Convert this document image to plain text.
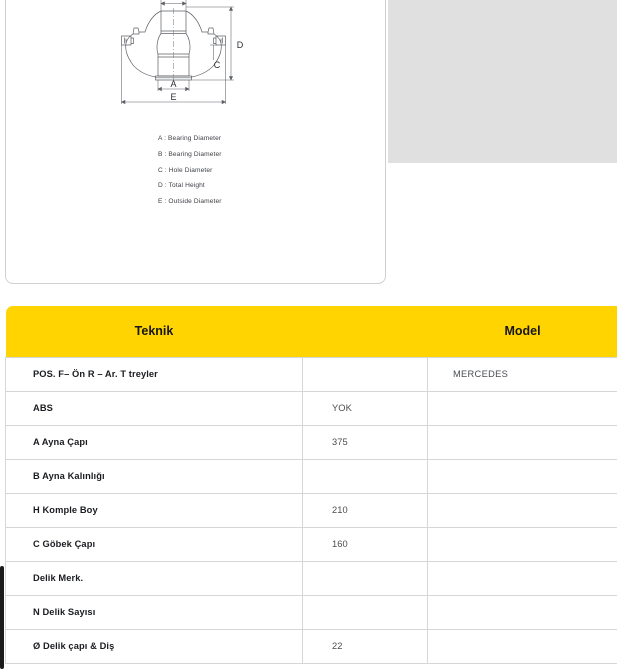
D
C
A
E
A : Bearing Diameter
B : Bearing Diameter
C : Hole Diameter
D : Total Height
E : Outside Diameter
Teknik		Model	
POS. F– Ön R – Ar. T treyler		MERCEDES	
ABS	YOK		
A Ayna Çapı	375		
B Ayna Kalınlığı			
H Komple Boy	210		
C Göbek Çapı	160		
Delik Merk.			
N Delik Sayısı			
Ø Delik çapı & Diş	22		
